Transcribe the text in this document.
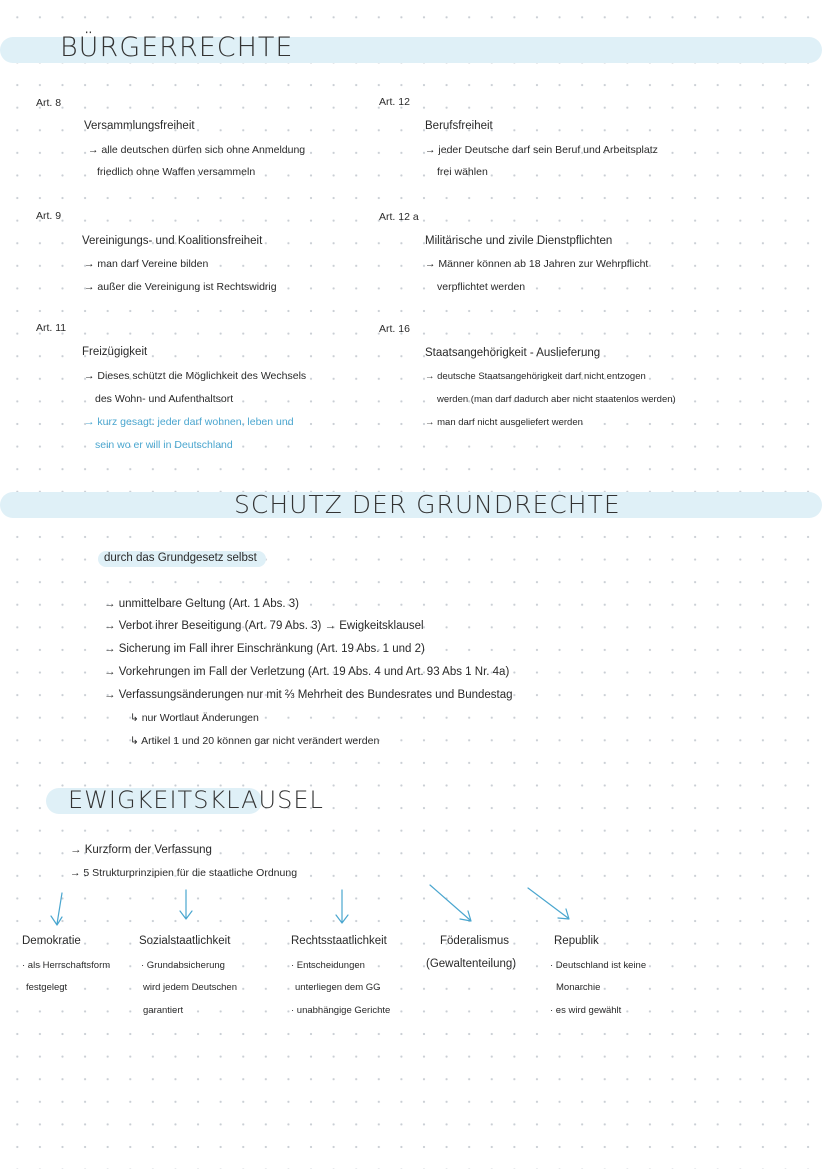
BÜRGERRECHTE
Art. 8
Versammlungsfreiheit
→ alle deutschen dürfen sich ohne Anmeldung
friedlich ohne Waffen versammeln
Art. 9
Vereinigungs- und Koalitionsfreiheit
→ man darf Vereine bilden
→ außer die Vereinigung ist Rechtswidrig
Art. 11
Freizügigkeit
→ Dieses schützt die Möglichkeit des Wechsels
des Wohn- und Aufenthaltsort
→ kurz gesagt: jeder darf wohnen, leben und
sein wo er will in Deutschland
Art. 12
Berufsfreiheit
→ jeder Deutsche darf sein Beruf und Arbeitsplatz
frei wählen
Art. 12 a
Militärische und zivile Dienstpflichten
→ Männer können ab 18 Jahren zur Wehrpflicht
verpflichtet werden
Art. 16
Staatsangehörigkeit - Auslieferung
→ deutsche Staatsangehörigkeit darf nicht entzogen
werden (man darf dadurch aber nicht staatenlos werden)
→ man darf nicht ausgeliefert werden
SCHUTZ DER GRUNDRECHTE
durch das Grundgesetz selbst
→ unmittelbare Geltung (Art. 1 Abs. 3)
→ Verbot ihrer Beseitigung (Art. 79 Abs. 3) → Ewigkeitsklausel
→ Sicherung im Fall ihrer Einschränkung (Art. 19 Abs. 1 und 2)
→ Vorkehrungen im Fall der Verletzung (Art. 19 Abs. 4 und Art. 93 Abs 1 Nr. 4a)
→ Verfassungsänderungen nur mit ⅔ Mehrheit des Bundesrates und Bundestag
↳ nur Wortlaut Änderungen
↳ Artikel 1 und 20 können gar nicht verändert werden
EWIGKEITSKLAUSEL
→ Kurzform der Verfassung
→ 5 Strukturprinzipien für die staatliche Ordnung
Demokratie
· als Herrschaftsform
festgelegt
Sozialstaatlichkeit
· Grundabsicherung
wird jedem Deutschen
garantiert
Rechtsstaatlichkeit
· Entscheidungen
unterliegen dem GG
· unabhängige Gerichte
Föderalismus
(Gewaltenteilung)
Republik
· Deutschland ist keine
Monarchie
· es wird gewählt
